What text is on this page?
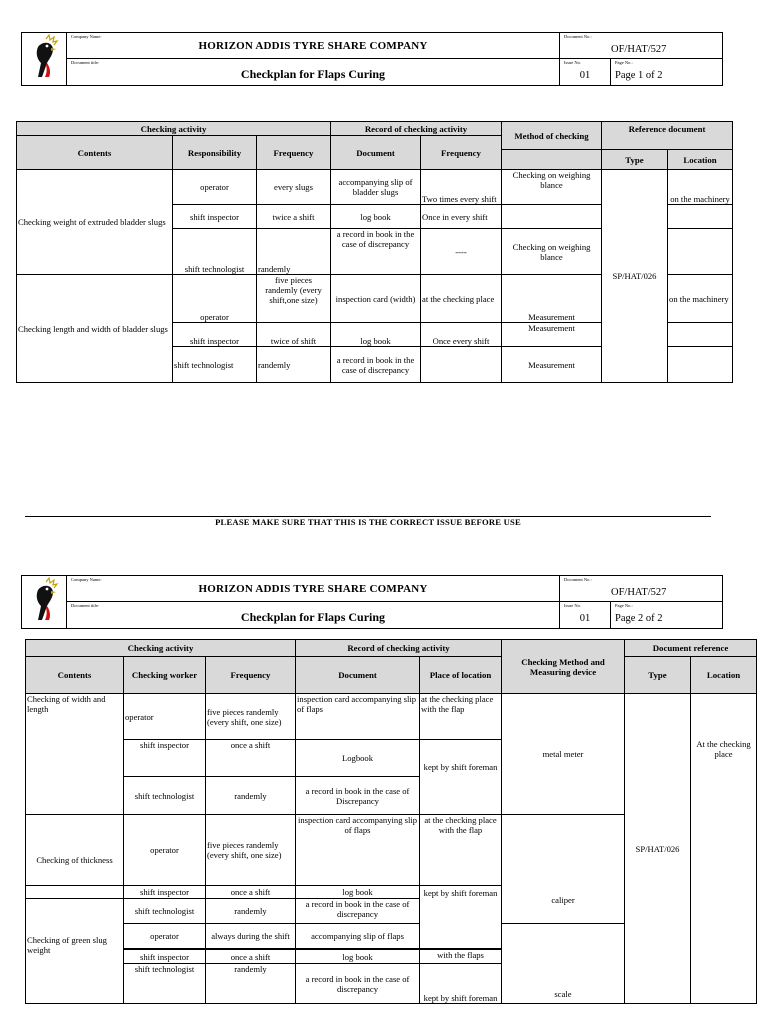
Company Name:
HORIZON ADDIS TYRE SHARE COMPANY
Document title:
Checkplan for Flaps Curing
Document No.:
OF/HAT/527
Issue No.
01
Page No.:
Page 1 of 2
Checking activity			Record of checking activity		Method of checking	Reference document	
Contents	Responsibility	Frequency	Document	Frequency			
						Type	Location
Checking weight of extruded bladder slugs	operator	every slugs	accompanying slip of bladder slugs	Two times every shift	Checking on weighing blance	SP/HAT/026	on the machinery
	shift inspector	twice a shift	log book	Once in every shift			
	shift technologist	randemly	a record in book in the case of discrepancy	----	Checking on weighing blance		
Checking length and width of bladder slugs	operator	five pieces randemly (every shift,one size)	inspection card (width)	at the checking place	Measurement		on the machinery
	shift inspector	twice of shift	log book	Once every shift	Measurement		
	shift technologist	randemly	a record in book in the case of discrepancy		Measurement		
PLEASE MAKE SURE THAT THIS IS THE CORRECT ISSUE BEFORE USE
Company Name:
HORIZON ADDIS TYRE SHARE COMPANY
Document title:
Checkplan for Flaps Curing
Document No.:
OF/HAT/527
Issue No.
01
Page No.:
Page 2 of 2
Checking activity			Record of checking activity		Checking Method and Measuring device	Document reference	
Contents	Checking worker	Frequency	Document	Place of location		Type	Location
Checking of width and length	operator	five pieces randemly (every shift, one size)	inspection card accompanying slip of flaps	at the checking place with the flap	metal meter	SP/HAT/026	At the checking place
	shift inspector	once a shift	Logbook	kept by shift foreman			
	shift technologist	randemly	a record in book in the case of Discrepancy				
Checking of thickness	operator	five pieces randemly (every shift, one size)	inspection card accompanying slip of flaps	at the checking place with the flap	caliper		
	shift inspector	once a shift	log book	kept by shift foreman			
Checking of green slug weight	shift technologist	randemly	a record in book in the case of discrepancy				
	operator	always during the shift	accompanying slip of flaps		scale		

	shift inspector	once a shift	log book	with the flaps			
	shift technologist	randemly	a record in book in the case of discrepancy	kept by shift foreman			
